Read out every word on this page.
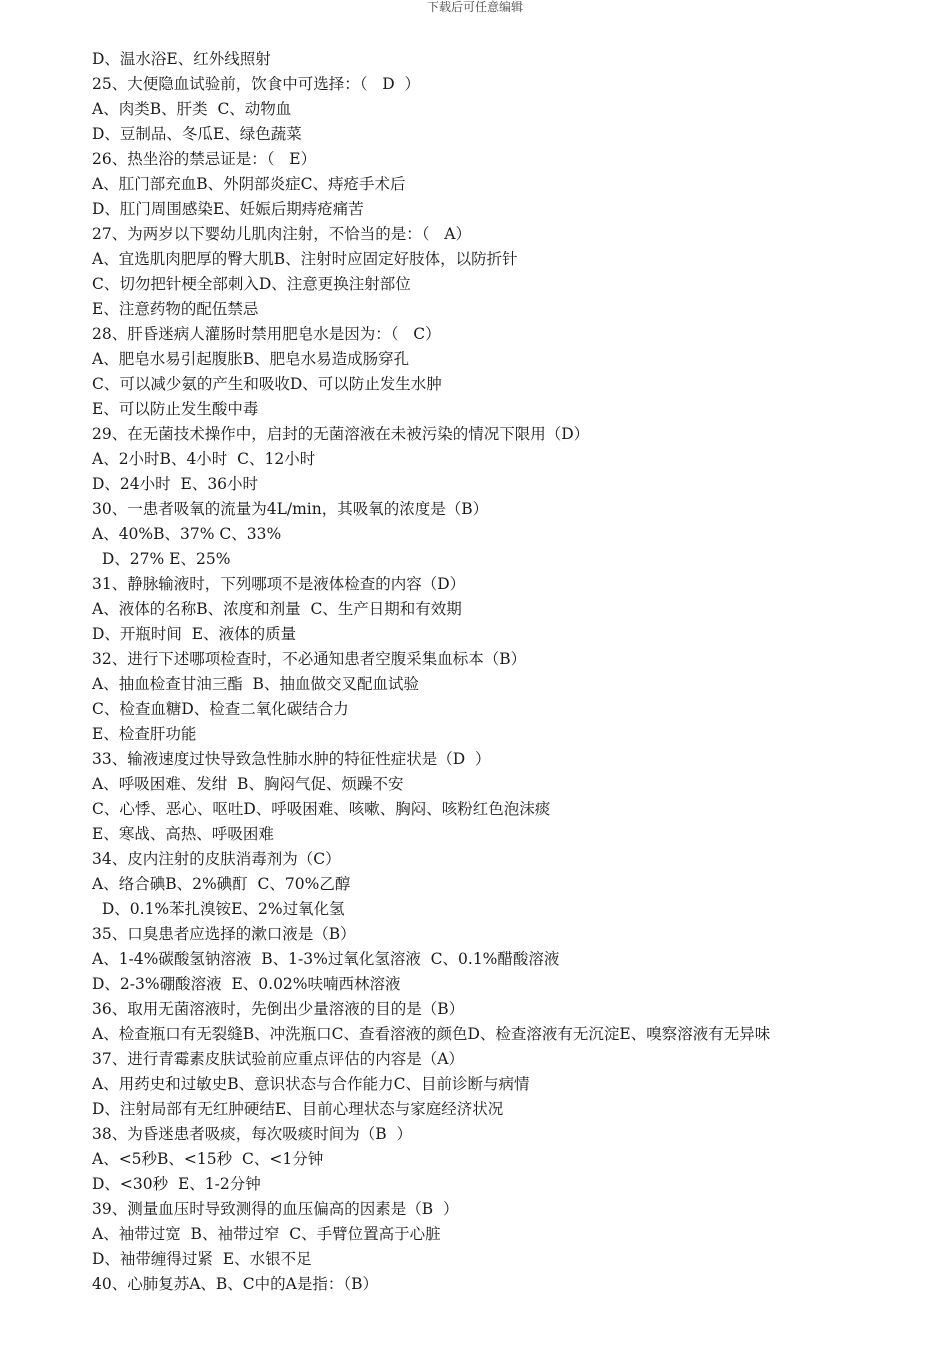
下载后可任意编辑
D、温水浴E、红外线照射
25、大便隐血试验前，饮食中可选择：（   D  ）
A、肉类B、肝类  C、动物血
D、豆制品、冬瓜E、绿色蔬菜
26、热坐浴的禁忌证是：（   E）
A、肛门部充血B、外阴部炎症C、痔疮手术后
D、肛门周围感染E、妊娠后期痔疮痛苦
27、为两岁以下婴幼儿肌肉注射，不恰当的是：（   A）
A、宜选肌肉肥厚的臀大肌B、注射时应固定好肢体，以防折针
C、切勿把针梗全部刺入D、注意更换注射部位
E、注意药物的配伍禁忌
28、肝昏迷病人灌肠时禁用肥皂水是因为：（   C）
A、肥皂水易引起腹胀B、肥皂水易造成肠穿孔
C、可以减少氨的产生和吸收D、可以防止发生水肿
E、可以防止发生酸中毒
29、在无菌技术操作中，启封的无菌溶液在未被污染的情况下限用（D）
A、2小时B、4小时  C、12小时
D、24小时  E、36小时
30、一患者吸氧的流量为4L/min，其吸氧的浓度是（B）
A、40%B、37% C、33%
D、27% E、25%
31、静脉输液时，下列哪项不是液体检查的内容（D）
A、液体的名称B、浓度和剂量  C、生产日期和有效期
D、开瓶时间  E、液体的质量
32、进行下述哪项检查时，不必通知患者空腹采集血标本（B）
A、抽血检查甘油三酯  B、抽血做交叉配血试验
C、检查血糖D、检查二氧化碳结合力
E、检查肝功能
33、输液速度过快导致急性肺水肿的特征性症状是（D  ）
A、呼吸困难、发绀  B、胸闷气促、烦躁不安
C、心悸、恶心、呕吐D、呼吸困难、咳嗽、胸闷、咳粉红色泡沫痰
E、寒战、高热、呼吸困难
34、皮内注射的皮肤消毒剂为（C）
A、络合碘B、2%碘酊  C、70%乙醇
D、0.1%苯扎溴铵E、2%过氧化氢
35、口臭患者应选择的漱口液是（B）
A、1-4%碳酸氢钠溶液  B、1-3%过氧化氢溶液  C、0.1%醋酸溶液
D、2-3%硼酸溶液  E、0.02%呋喃西林溶液
36、取用无菌溶液时，先倒出少量溶液的目的是（B）
A、检查瓶口有无裂缝B、冲洗瓶口C、查看溶液的颜色D、检查溶液有无沉淀E、嗅察溶液有无异味
37、进行青霉素皮肤试验前应重点评估的内容是（A）
A、用药史和过敏史B、意识状态与合作能力C、目前诊断与病情
D、注射局部有无红肿硬结E、目前心理状态与家庭经济状况
38、为昏迷患者吸痰，每次吸痰时间为（B  ）
A、<5秒B、<15秒  C、<1分钟
D、<30秒  E、1-2分钟
39、测量血压时导致测得的血压偏高的因素是（B  ）
A、袖带过宽  B、袖带过窄  C、手臂位置高于心脏
D、袖带缠得过紧  E、水银不足
40、心肺复苏A、B、C中的A是指：（B）
